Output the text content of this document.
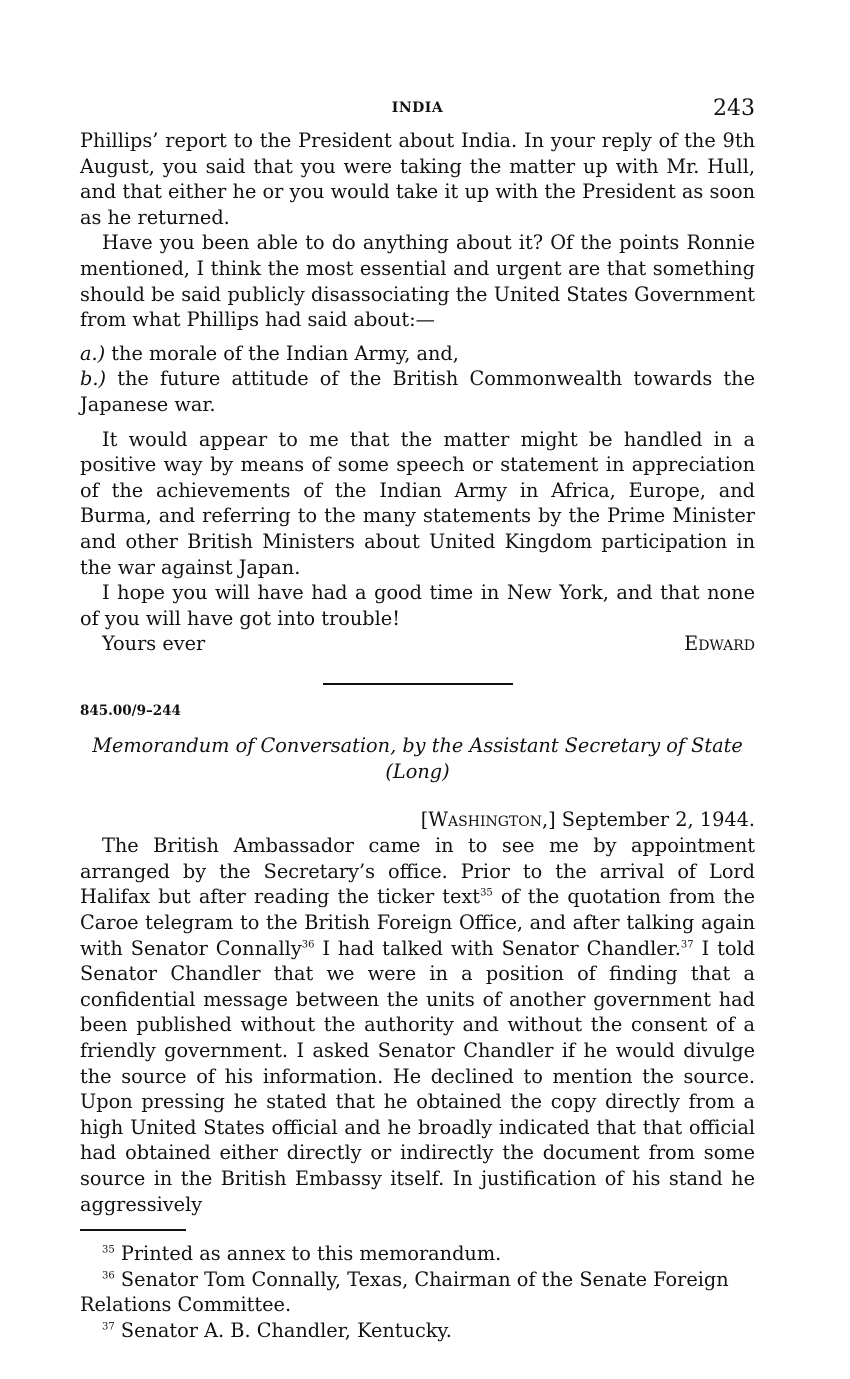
INDIA	243

Phillips’ report to the President about India. In your reply of the 9th August, you said that you were taking the matter up with Mr. Hull, and that either he or you would take it up with the President as soon as he returned.

Have you been able to do anything about it? Of the points Ronnie mentioned, I think the most essential and urgent are that something should be said publicly disassociating the United States Government from what Phillips had said about:—

a.) the morale of the Indian Army, and,

b.) the future attitude of the British Commonwealth towards the Japanese war.

It would appear to me that the matter might be handled in a positive way by means of some speech or statement in appreciation of the achievements of the Indian Army in Africa, Europe, and Burma, and referring to the many statements by the Prime Minister and other British Ministers about United Kingdom participation in the war against Japan.

I hope you will have had a good time in New York, and that none of you will have got into trouble!

Yours ever	Edward
845.00/9–244
Memorandum of Conversation, by the Assistant Secretary of State
(Long)
[Washington,] September 2, 1944.

The British Ambassador came in to see me by appointment arranged by the Secretary’s office. Prior to the arrival of Lord Halifax but after reading the ticker text$^{35}$ of the quotation from the Caroe telegram to the British Foreign Office, and after talking again with Senator Connally$^{36}$ I had talked with Senator Chandler.$^{37}$ I told Senator Chandler that we were in a position of finding that a confidential message between the units of another government had been published without the authority and without the consent of a friendly government. I asked Senator Chandler if he would divulge the source of his information. He declined to mention the source. Upon pressing he stated that he obtained the copy directly from a high United States official and he broadly indicated that that official had obtained either directly or indirectly the document from some source in the British Embassy itself. In justification of his stand he aggressively

$^{35}$ Printed as annex to this memorandum.

$^{36}$ Senator Tom Connally, Texas, Chairman of the Senate Foreign Relations Committee.

$^{37}$ Senator A. B. Chandler, Kentucky.
